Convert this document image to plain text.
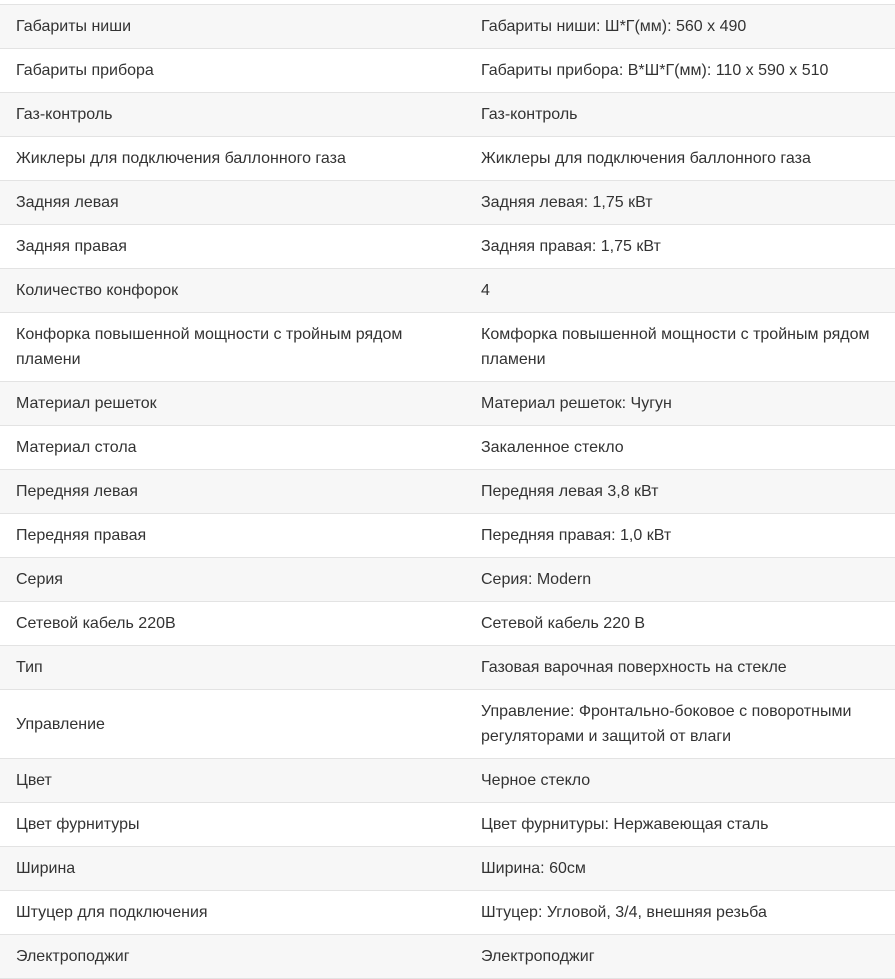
Габариты ниши	Габариты ниши: Ш*Г(мм): 560 х 490
Габариты прибора	Габариты прибора: В*Ш*Г(мм): 110 х 590 х 510
Газ-контроль	Газ-контроль
Жиклеры для подключения баллонного газа	Жиклеры для подключения баллонного газа
Задняя левая	Задняя левая: 1,75 кВт
Задняя правая	Задняя правая: 1,75 кВт
Количество конфорок	4
Конфорка повышенной мощности с тройным рядом пламени	Комфорка повышенной мощности с тройным рядом пламени
Материал решеток	Материал решеток: Чугун
Материал стола	Закаленное стекло
Передняя левая	Передняя левая 3,8 кВт
Передняя правая	Передняя правая: 1,0 кВт
Серия	Серия: Modern
Сетевой кабель 220В	Сетевой кабель 220 В
Тип	Газовая варочная поверхность на стекле
Управление	Управление: Фронтально-боковое с поворотными регуляторами и защитой от влаги
Цвет	Черное стекло
Цвет фурнитуры	Цвет фурнитуры: Нержавеющая сталь
Ширина	Ширина: 60см
Штуцер для подключения	Штуцер: Угловой, 3/4, внешняя резьба
Электроподжиг	Электроподжиг
